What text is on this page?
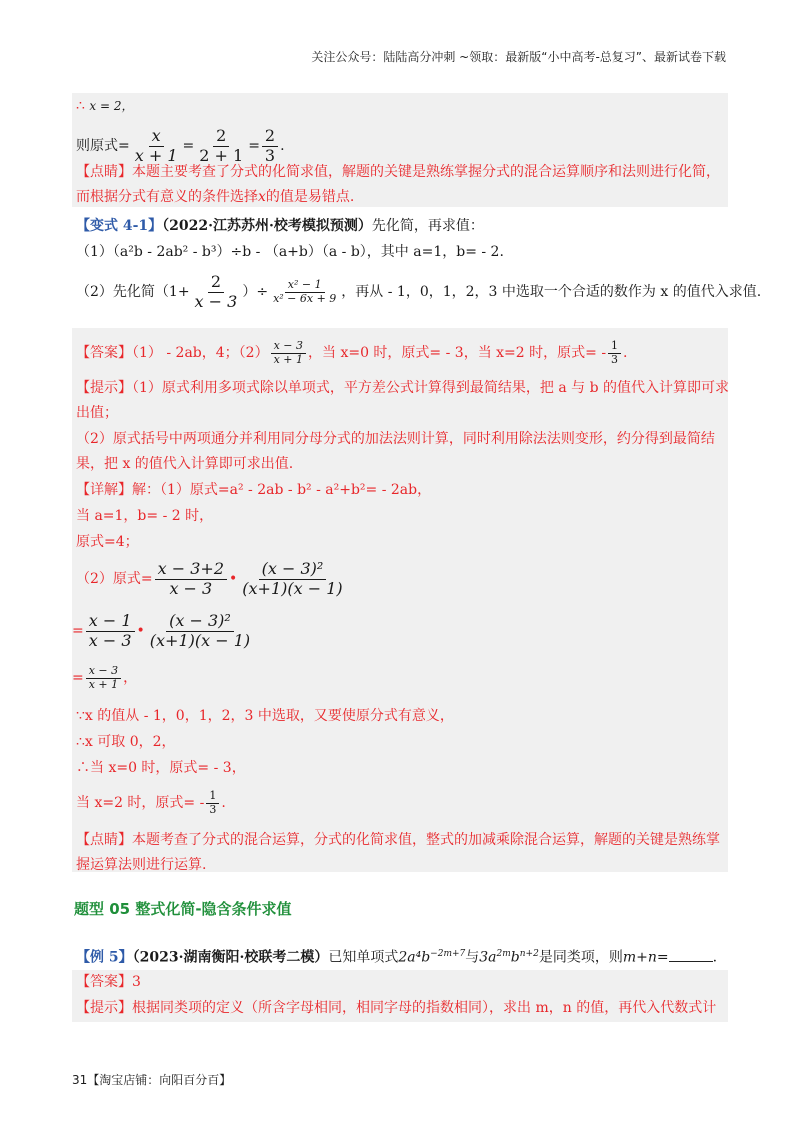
关注公众号：陆陆高分冲刺 ~领取：最新版“小中高考-总复习”、最新试卷下载
∴ x = 2，
则原式= $\frac{x}{x + 1} = \frac{2}{2 + 1} = \frac{2}{3}$ .
【点睛】本题主要考查了分式的化简求值，解题的关键是熟练掌握分式的混合运算顺序和法则进行化简，
而根据分式有意义的条件选择x的值是易错点.
【变式 4-1】（2022·江苏苏州·校考模拟预测）先化简，再求值：
（1）（a²b - 2ab² - b³）÷b - （a+b）（a - b），其中 a=1，b= - 2.
（2）先化简（$1+ \frac{2}{x - 3}$ ）÷ $\frac{\text{x² − 1}}{\text{x² − 6x + 9}}$ ，再从 - 1，0，1，2，3 中选取一个合适的数作为 x 的值代入求值.
【答案】（1） - 2ab，4；$(2) \frac{x - 3}{x + 1}$ ，当 x=0 时，原式= - 3，当 x=2 时，原式= - $\frac{1}{3}$ .
【提示】（1）原式利用多项式除以单项式，平方差公式计算得到最简结果，把 a 与 b 的值代入计算即可求
出值；
（2）原式括号中两项通分并利用同分母分式的加法法则计算，同时利用除法法则变形，约分得到最简结
果，把 x 的值代入计算即可求出值.
【详解】解：（1）原式=a² - 2ab - b² - a²+b²= - 2ab，
当 a=1，b= - 2 时，
原式=4；
（2）原式= $\frac{x - 3+2}{x - 3}$ • $\frac{\text{(x − 3)²}}{(x+1)(x - 1)}$
= $\frac{x - 1}{x - 3}$ • $\frac{\text{(x − 3)²}}{(x+1)(x - 1)}$
= $\frac{x - 3}{x + 1}$ ，
∵x 的值从 - 1，0，1，2，3 中选取，又要使原分式有意义，
∴x 可取 0，2，
∴当 x=0 时，原式= - 3，
当 x=2 时，原式= - $\frac{1}{3}$ .
【点睛】本题考查了分式的混合运算，分式的化简求值，整式的加减乘除混合运算，解题的关键是熟练掌
握运算法则进行运算.
题型 05 整式化简-隐含条件求值
【例 5】（2023·湖南衡阳·校联考二模）已知单项式$2a^4b^{-2m+7}$与$3a^{2m}b^{n+2}$是同类项，则m+n=	.
【答案】3
【提示】根据同类项的定义（所含字母相同，相同字母的指数相同），求出 m，n 的值，再代入代数式计
31【淘宝店铺：向阳百分百】
